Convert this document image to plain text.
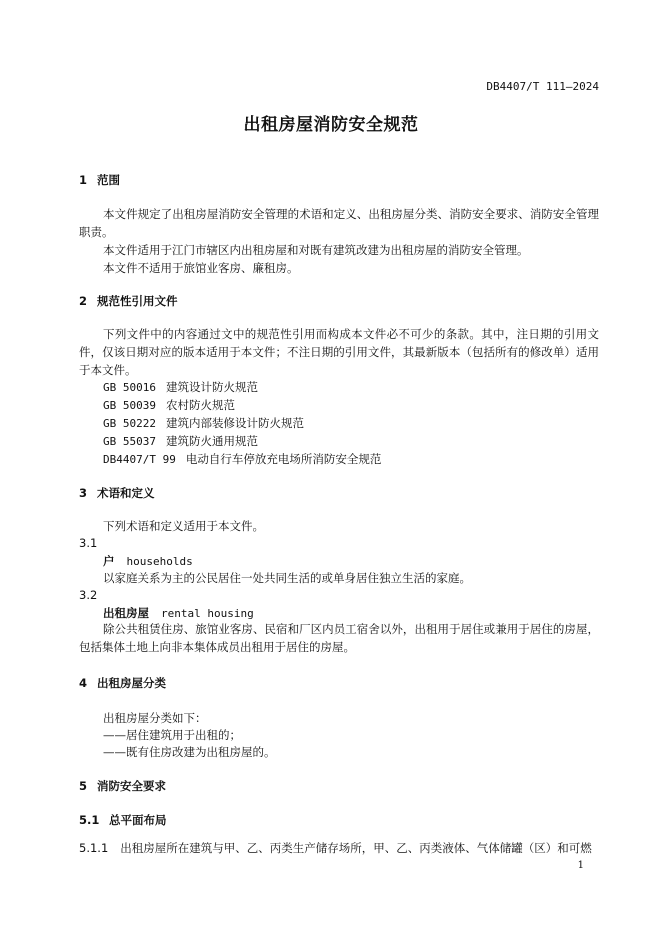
DB4407/T 111—2024
出租房屋消防安全规范
1 范围
本文件规定了出租房屋消防安全管理的术语和定义、出租房屋分类、消防安全要求、消防安全管理职责。
本文件适用于江门市辖区内出租房屋和对既有建筑改建为出租房屋的消防安全管理。
本文件不适用于旅馆业客房、廉租房。
2 规范性引用文件
下列文件中的内容通过文中的规范性引用而构成本文件必不可少的条款。其中，注日期的引用文件，仅该日期对应的版本适用于本文件；不注日期的引用文件，其最新版本（包括所有的修改单）适用于本文件。
GB 50016 建筑设计防火规范
GB 50039 农村防火规范
GB 50222 建筑内部装修设计防火规范
GB 55037 建筑防火通用规范
DB4407/T 99 电动自行车停放充电场所消防安全规范
3 术语和定义
下列术语和定义适用于本文件。
3.1
户 households
以家庭关系为主的公民居住一处共同生活的或单身居住独立生活的家庭。
3.2
出租房屋 rental housing
除公共租赁住房、旅馆业客房、民宿和厂区内员工宿舍以外，出租用于居住或兼用于居住的房屋，包括集体土地上向非本集体成员出租用于居住的房屋。
4 出租房屋分类
出租房屋分类如下：
——居住建筑用于出租的；
——既有住房改建为出租房屋的。
5 消防安全要求
5.1 总平面布局
5.1.1 出租房屋所在建筑与甲、乙、丙类生产储存场所，甲、乙、丙类液体、气体储罐（区）和可燃
1
